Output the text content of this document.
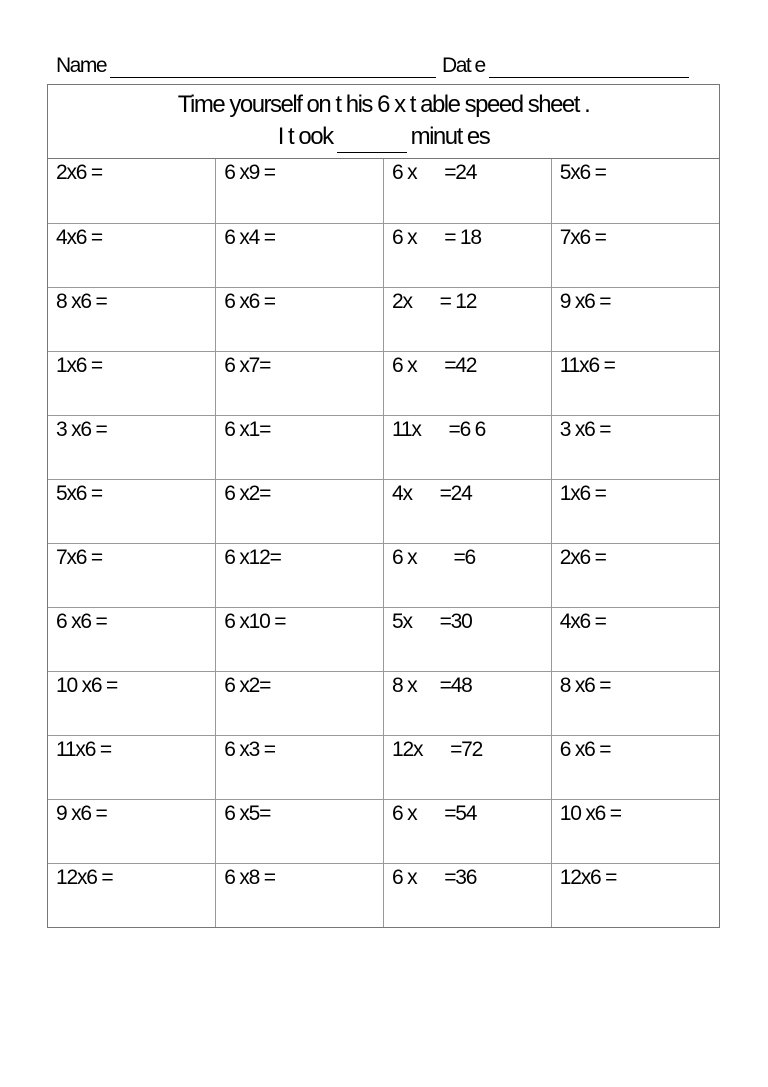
Name	Dat e
Time yourself on t his 6 x t able speed sheet .
I t ook	minut es
2x6 =	6 x9 =	6 x      =24	5x6 =
4x6 =	6 x4 =	6 x      = 18	7x6 =
8 x6 =	6 x6 =	2x      = 12	9 x6 =
1x6 =	6 x7=	6 x      =42	11x6 =
3 x6 =	6 x1=	11x      =6 6	3 x6 =
5x6 =	6 x2=	4x      =24	1x6 =
7x6 =	6 x12=	6 x        =6	2x6 =
6 x6 =	6 x10 =	5x      =30	4x6 =
10 x6 =	6 x2=	8 x     =48	8 x6 =
11x6 =	6 x3 =	12x      =72	6 x6 =
9 x6 =	6 x5=	6 x      =54	10 x6 =
12x6 =	6 x8 =	6 x      =36	12x6 =
